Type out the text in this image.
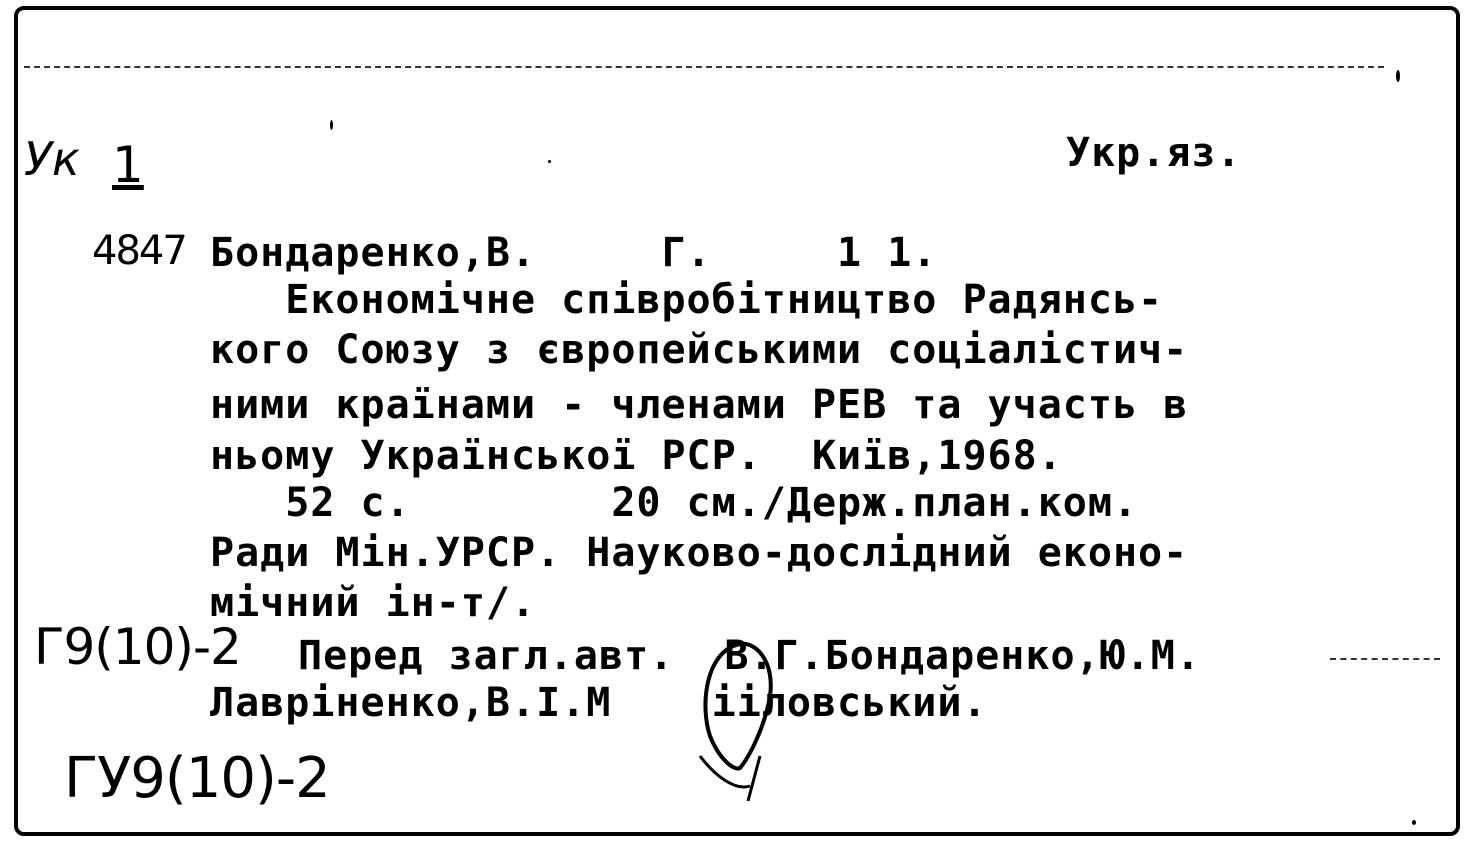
Укр.яз.
Ук 1
4847 Бондаренко,В.     Г.     1 1.
Економічне співробітництво Радянсь-
кого Союзу з європейськими соціалістич-
ними країнами - членами РЕВ та участь в
ньому Української РСР.  Київ,1968.
52 с.        20 см./Держ.план.ком.
Ради Мін.УРСР. Науково-дослідний еконо-
мічний ін-т/.
Г9(10)-2 Перед загл.авт.  В.Г.Бондаренко,Ю.М.
Лавріненко,В.І.М    ііловський.
ГУ9(10)-2
